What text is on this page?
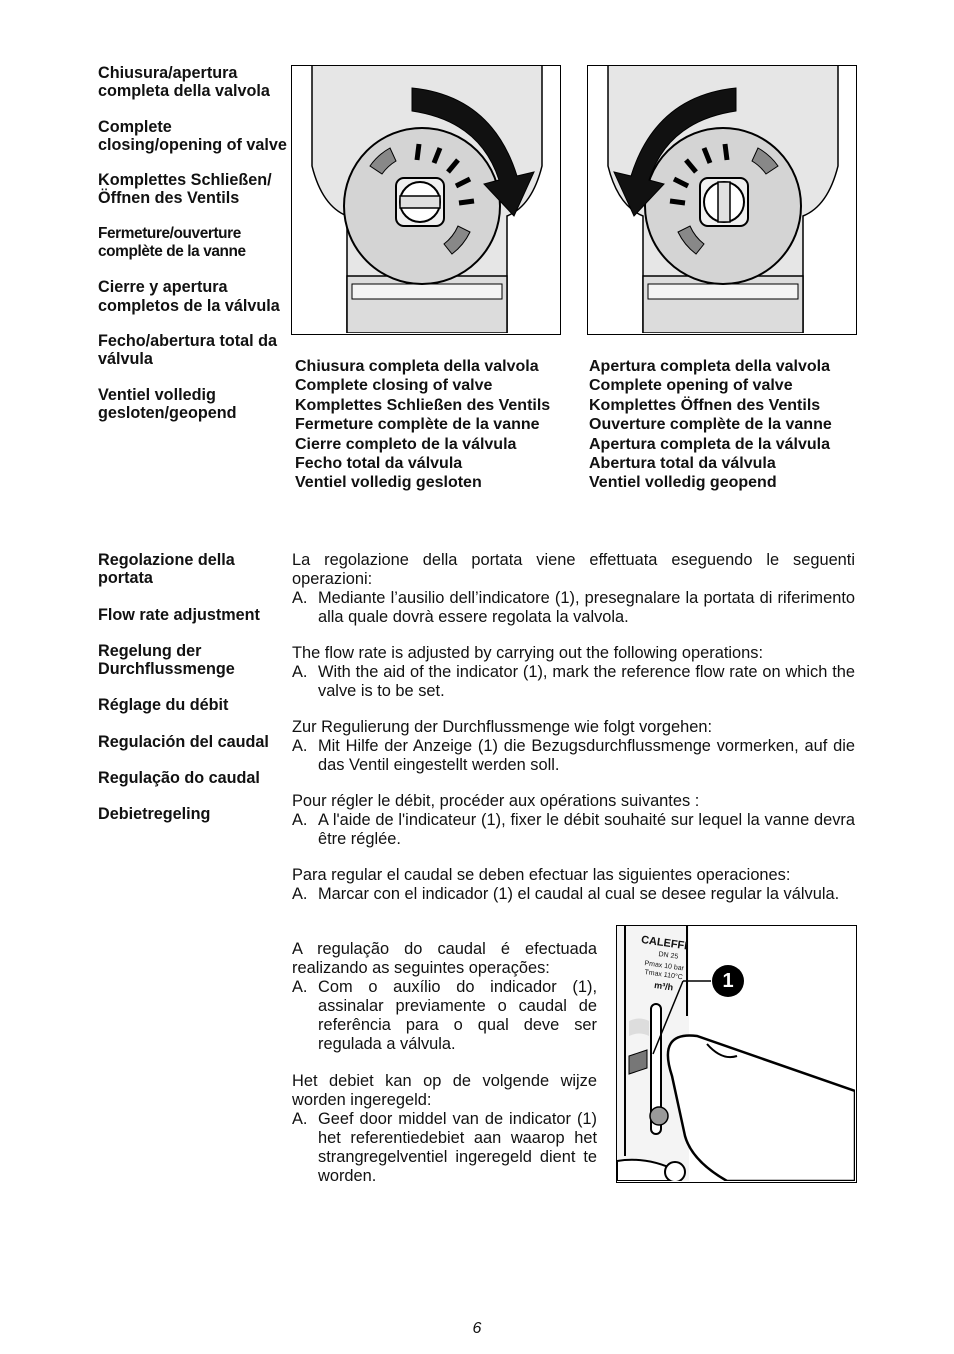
Chiusura/apertura completa della valvola

Complete closing/opening of valve

Komplettes Schließen/Öffnen des Ventils

Fermeture/ouverture complète de la vanne

Cierre y apertura completos de la válvula

Fecho/abertura total da válvula

Ventiel volledig gesloten/geopend

Chiusura completa della valvola
Complete closing of valve
Komplettes Schließen des Ventils
Fermeture complète de la vanne
Cierre completo de la válvula
Fecho total da válvula
Ventiel volledig gesloten
Apertura completa della valvola
Complete opening of valve
Komplettes Öffnen des Ventils
Ouverture complète de la vanne
Apertura completa de la válvula
Abertura total da válvula
Ventiel volledig geopend

Regolazione della portata

Flow rate adjustment

Regelung der Durchflussmenge

Réglage du débit

Regulación del caudal

Regulação do caudal

Debietregeling

La regolazione della portata viene effettuata eseguendo le seguenti operazioni:

A. Mediante l’ausilio dell’indicatore (1), presegnalare la portata di riferimento alla quale dovrà essere regolata la valvola.

The flow rate is adjusted by carrying out the following operations:

A. With the aid of the indicator (1), mark the reference flow rate on which the valve is to be set.

Zur Regulierung der Durchflussmenge wie folgt vorgehen:

A. Mit Hilfe der Anzeige (1) die Bezugsdurchflussmenge vormerken, auf die das Ventil eingestellt werden soll.

Pour régler le débit, procéder aux opérations suivantes :

A. A l'aide de l'indicateur (1), fixer le débit souhaité sur lequel la vanne devra être réglée.

Para regular el caudal se deben efectuar las siguientes operaciones:

A. Marcar con el indicador (1) el caudal al cual se desee regular la válvula.

A regulação do caudal é efectuada realizando as seguintes operações:

A. Com o auxílio do indicador (1), assinalar previamente o caudal de referência para o qual deve ser regulada a válvula.

Het debiet kan op de volgende wijze worden ingeregeld:

A. Geef door middel van de indicator (1) het referentiedebiet aan waarop het strangregelventiel ingeregeld dient te worden.
CALEFFI
DN 25
Pmax 10 bar
Tmax 110°C
m³/h	1
6
